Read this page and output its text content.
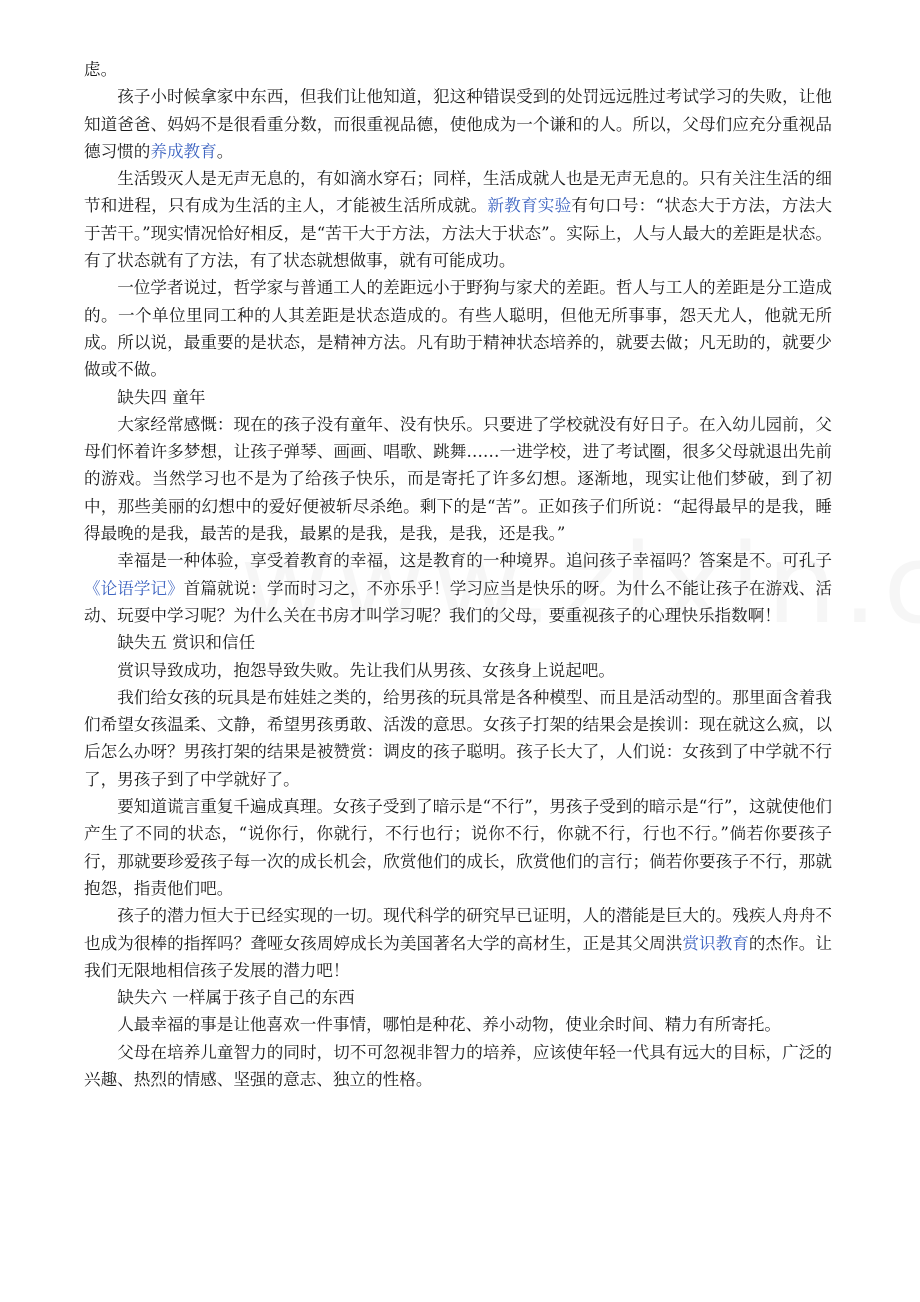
虑。

孩子小时候拿家中东西，但我们让他知道，犯这种错误受到的处罚远远胜过考试学习的失败，让他知道爸爸、妈妈不是很看重分数，而很重视品德，使他成为一个谦和的人。所以，父母们应充分重视品德习惯的养成教育。

生活毁灭人是无声无息的，有如滴水穿石；同样，生活成就人也是无声无息的。只有关注生活的细节和进程，只有成为生活的主人，才能被生活所成就。新教育实验有句口号：“状态大于方法，方法大于苦干。”现实情况恰好相反，是“苦干大于方法，方法大于状态”。实际上，人与人最大的差距是状态。有了状态就有了方法，有了状态就想做事，就有可能成功。

一位学者说过，哲学家与普通工人的差距远小于野狗与家犬的差距。哲人与工人的差距是分工造成的。一个单位里同工种的人其差距是状态造成的。有些人聪明，但他无所事事，怨天尤人，他就无所成。所以说，最重要的是状态，是精神方法。凡有助于精神状态培养的，就要去做；凡无助的，就要少做或不做。

缺失四 童年

大家经常感慨：现在的孩子没有童年、没有快乐。只要进了学校就没有好日子。在入幼儿园前，父母们怀着许多梦想，让孩子弹琴、画画、唱歌、跳舞……一进学校，进了考试圈，很多父母就退出先前的游戏。当然学习也不是为了给孩子快乐，而是寄托了许多幻想。逐渐地，现实让他们梦破，到了初中，那些美丽的幻想中的爱好便被斩尽杀绝。剩下的是“苦”。正如孩子们所说：“起得最早的是我，睡得最晚的是我，最苦的是我，最累的是我，是我，是我，还是我。”

幸福是一种体验，享受着教育的幸福，这是教育的一种境界。追问孩子幸福吗？答案是不。可孔子《论语学记》首篇就说：学而时习之，不亦乐乎！学习应当是快乐的呀。为什么不能让孩子在游戏、活动、玩耍中学习呢？为什么关在书房才叫学习呢？我们的父母，要重视孩子的心理快乐指数啊！

缺失五 赏识和信任

赏识导致成功，抱怨导致失败。先让我们从男孩、女孩身上说起吧。

我们给女孩的玩具是布娃娃之类的，给男孩的玩具常是各种模型、而且是活动型的。那里面含着我们希望女孩温柔、文静，希望男孩勇敢、活泼的意思。女孩子打架的结果会是挨训：现在就这么疯，以后怎么办呀？男孩打架的结果是被赞赏：调皮的孩子聪明。孩子长大了，人们说：女孩到了中学就不行了，男孩子到了中学就好了。

要知道谎言重复千遍成真理。女孩子受到了暗示是“不行”，男孩子受到的暗示是“行”，这就使他们产生了不同的状态，“说你行，你就行，不行也行；说你不行，你就不行，行也不行。”倘若你要孩子行，那就要珍爱孩子每一次的成长机会，欣赏他们的成长，欣赏他们的言行；倘若你要孩子不行，那就抱怨，指责他们吧。

孩子的潜力恒大于已经实现的一切。现代科学的研究早已证明，人的潜能是巨大的。残疾人舟舟不也成为很棒的指挥吗？聋哑女孩周婷成长为美国著名大学的高材生，正是其父周洪赏识教育的杰作。让我们无限地相信孩子发展的潜力吧！

缺失六 一样属于孩子自己的东西

人最幸福的事是让他喜欢一件事情，哪怕是种花、养小动物，使业余时间、精力有所寄托。

父母在培养儿童智力的同时，切不可忽视非智力的培养，应该使年轻一代具有远大的目标，广泛的兴趣、热烈的情感、坚强的意志、独立的性格。
